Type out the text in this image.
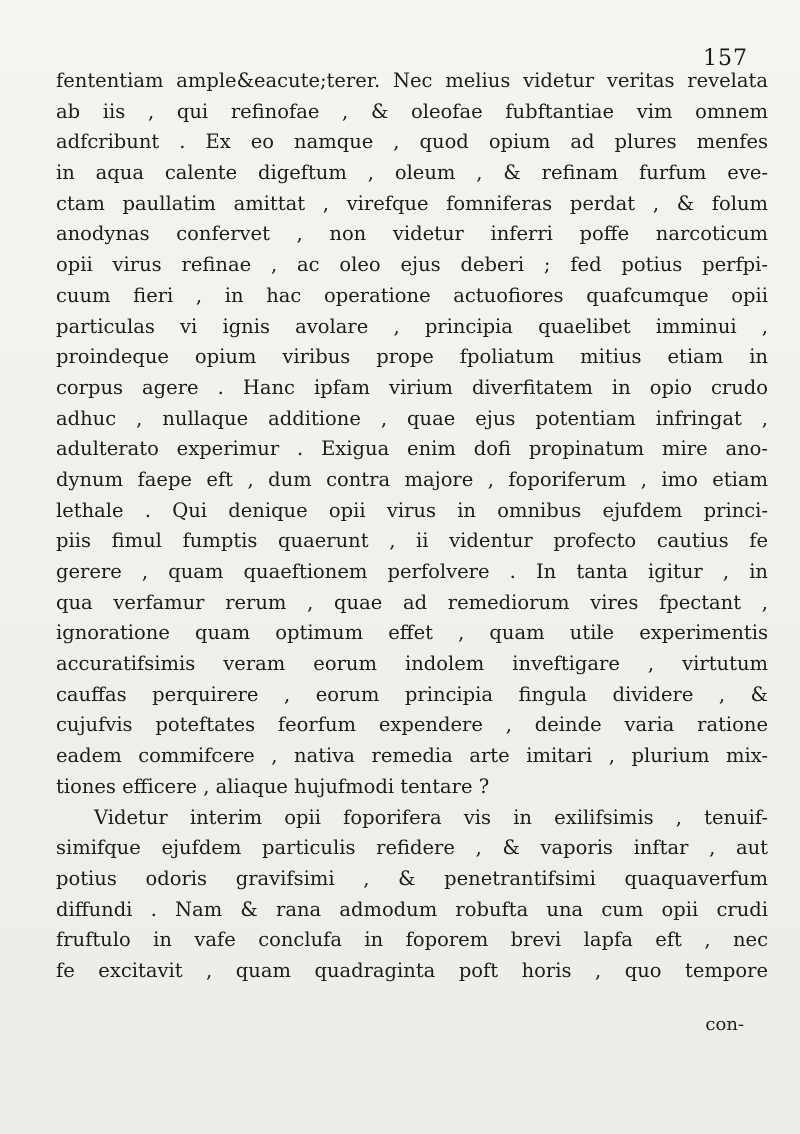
157
fententiam ample&eacute;terer. Nec melius videtur veritas revelata
ab iis , qui refinofae , & oleofae fubftantiae vim omnem
adfcribunt . Ex eo namque , quod opium ad plures menfes
in aqua calente digeftum , oleum , & refinam furfum eve-
ctam paullatim amittat , virefque fomniferas perdat , & folum
anodynas confervet , non videtur inferri poffe narcoticum
opii virus refinae , ac oleo ejus deberi ; fed potius perfpi-
cuum fieri , in hac operatione actuofiores quafcumque opii
particulas vi ignis avolare , principia quaelibet imminui ,
proindeque opium viribus prope fpoliatum mitius etiam in
corpus agere . Hanc ipfam virium diverfitatem in opio crudo
adhuc , nullaque additione , quae ejus potentiam infringat ,
adulterato experimur . Exigua enim dofi propinatum mire ano-
dynum faepe eft , dum contra majore , foporiferum , imo etiam
lethale . Qui denique opii virus in omnibus ejufdem princi-
piis fimul fumptis quaerunt , ii videntur profecto cautius fe
gerere , quam quaeftionem perfolvere . In tanta igitur , in
qua verfamur rerum , quae ad remediorum vires fpectant ,
ignoratione quam optimum effet , quam utile experimentis
accuratifsimis veram eorum indolem inveftigare , virtutum
cauffas perquirere , eorum principia fingula dividere , &
cujufvis poteftates feorfum expendere , deinde varia ratione
eadem commifcere , nativa remedia arte imitari , plurium mix-
tiones efficere , aliaque hujufmodi tentare ?
Videtur interim opii foporifera vis in exilifsimis , tenuif-
simifque ejufdem particulis refidere , & vaporis inftar , aut
potius odoris gravifsimi , & penetrantifsimi quaquaverfum
diffundi . Nam & rana admodum robufta una cum opii crudi
fruftulo in vafe conclufa in foporem brevi lapfa eft , nec
fe excitavit , quam quadraginta poft horis , quo tempore
con-
